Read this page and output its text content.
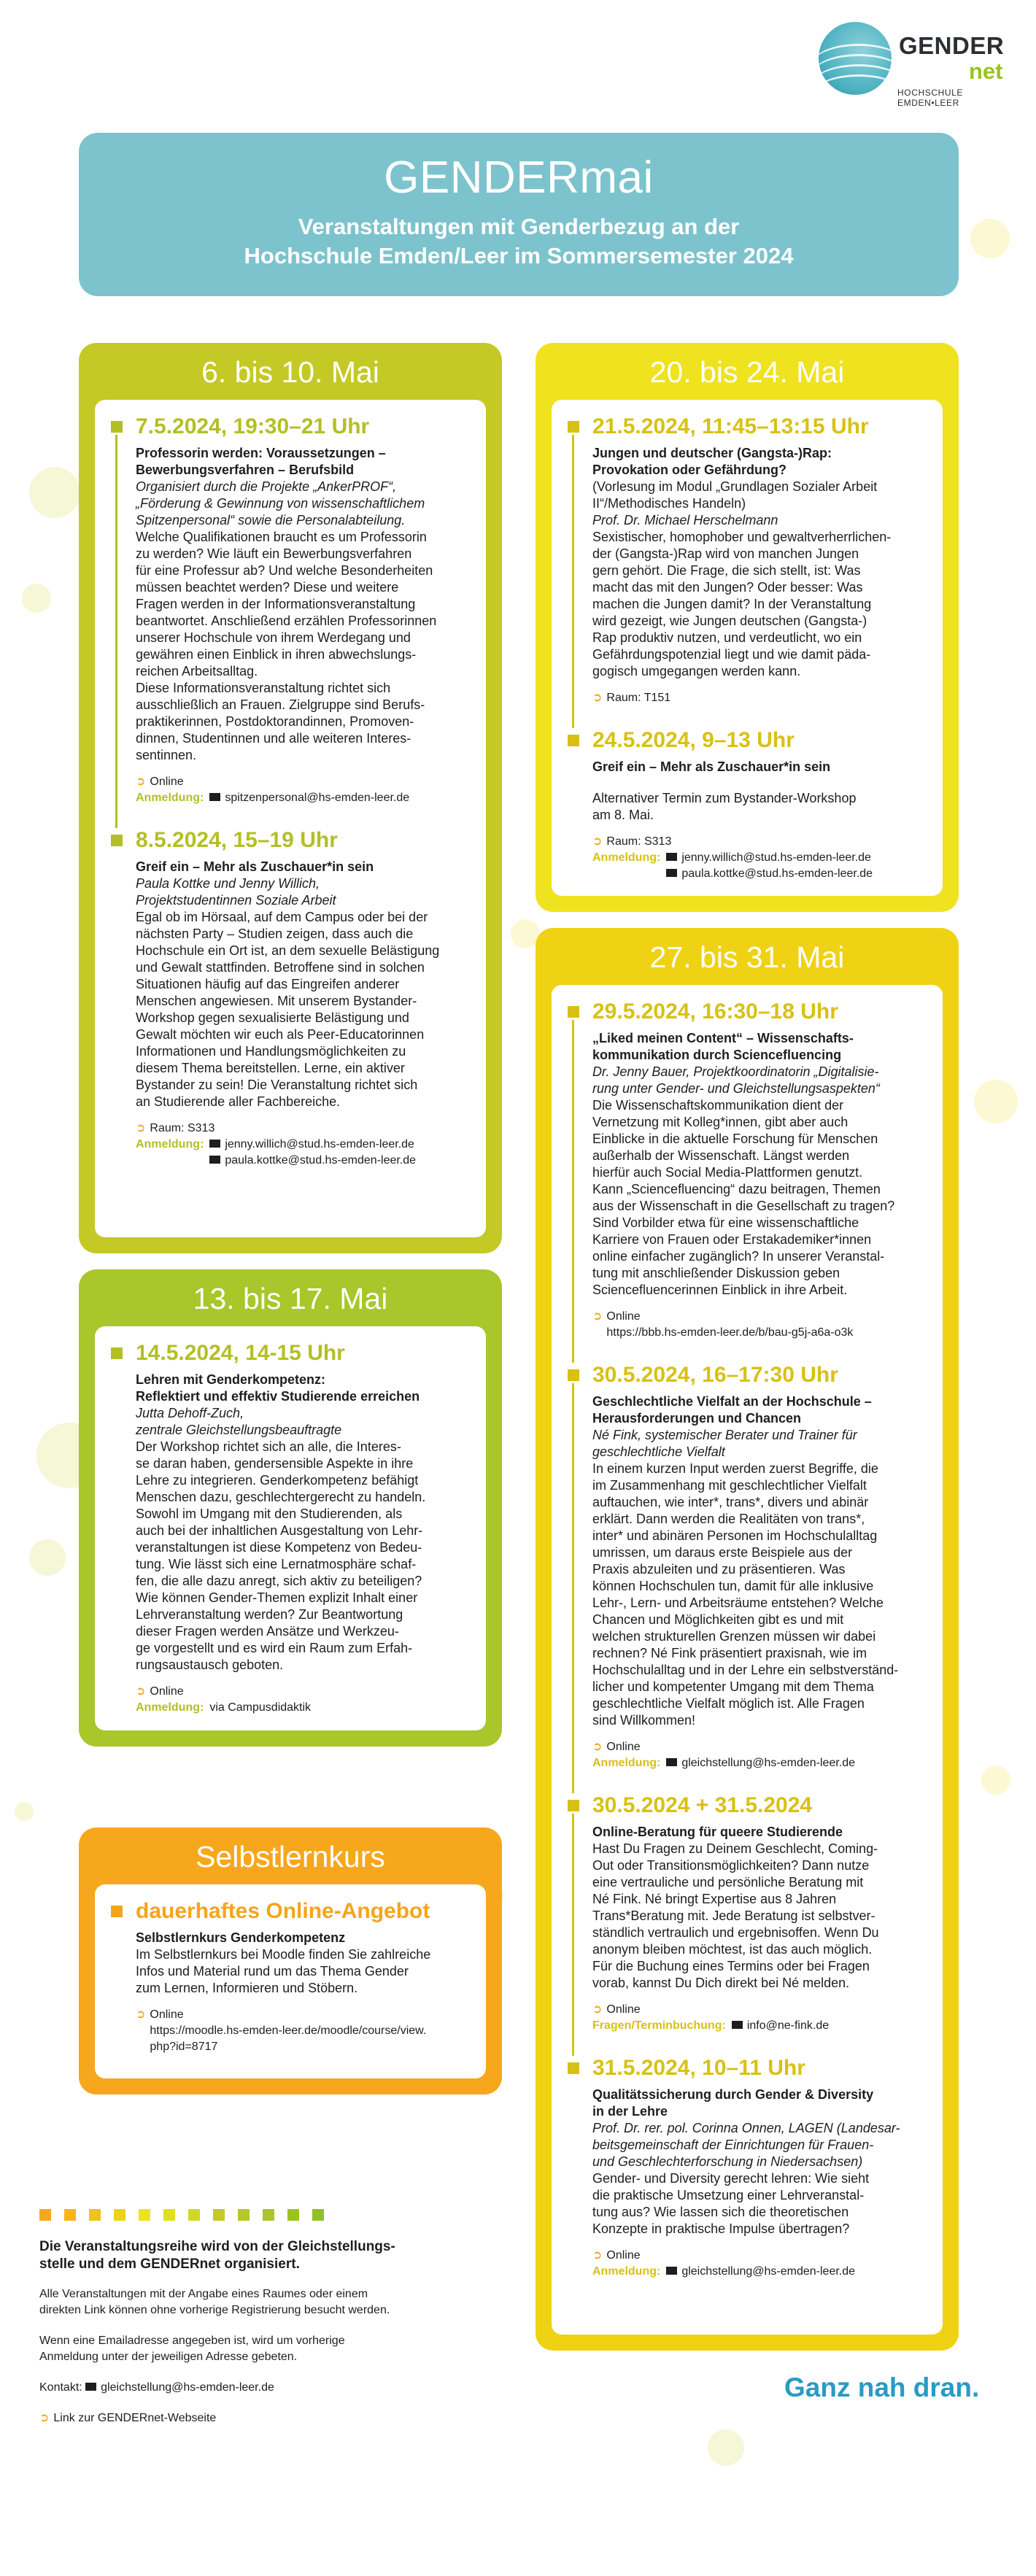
GENDER
net
HOCHSCHULE EMDEN•LEER
GENDERmai
Veranstaltungen mit Genderbezug an der
Hochschule Emden/Leer im Sommersemester 2024
6. bis 10. Mai
7.5.2024, 19:30–21 Uhr
Professorin werden: Voraussetzungen –
Bewerbungsverfahren – Berufsbild
Organisiert durch die Projekte „AnkerPROF“,
„Förderung & Gewinnung von wissenschaftlichem
Spitzenpersonal“ sowie die Personalabteilung.
Welche Qualifikationen braucht es um Professorin
zu werden? Wie läuft ein Bewerbungsverfahren
für eine Professur ab? Und welche Besonderheiten
müssen beachtet werden? Diese und weitere
Fragen werden in der Informationsveranstaltung
beantwortet. Anschließend erzählen Professorinnen
unserer Hochschule von ihrem Werdegang und
gewähren einen Einblick in ihren abwechslungs-
reichen Arbeitsalltag.
Diese Informationsveranstaltung richtet sich
ausschließlich an Frauen. Zielgruppe sind Berufs-
praktikerinnen, Postdoktorandinnen, Promoven-
dinnen, Studentinnen und alle weiteren Interes-
sentinnen.
➲ Online
Anmeldung:	spitzenpersonal@hs-emden-leer.de
8.5.2024, 15–19 Uhr
Greif ein – Mehr als Zuschauer*in sein
Paula Kottke und Jenny Willich,
Projektstudentinnen Soziale Arbeit
Egal ob im Hörsaal, auf dem Campus oder bei der
nächsten Party – Studien zeigen, dass auch die
Hochschule ein Ort ist, an dem sexuelle Belästigung
und Gewalt stattfinden. Betroffene sind in solchen
Situationen häufig auf das Eingreifen anderer
Menschen angewiesen. Mit unserem Bystander-
Workshop gegen sexualisierte Belästigung und
Gewalt möchten wir euch als Peer-Educatorinnen
Informationen und Handlungsmöglichkeiten zu
diesem Thema bereitstellen. Lerne, ein aktiver
Bystander zu sein! Die Veranstaltung richtet sich
an Studierende aller Fachbereiche.
➲ Raum: S313
Anmeldung:	jenny.willich@stud.hs-emden-leer.de
paula.kottke@stud.hs-emden-leer.de
13. bis 17. Mai
14.5.2024, 14-15 Uhr
Lehren mit Genderkompetenz:
Reflektiert und effektiv Studierende erreichen
Jutta Dehoff-Zuch,
zentrale Gleichstellungsbeauftragte
Der Workshop richtet sich an alle, die Interes-
se daran haben, gendersensible Aspekte in ihre
Lehre zu integrieren. Genderkompetenz befähigt
Menschen dazu, geschlechtergerecht zu handeln.
Sowohl im Umgang mit den Studierenden, als
auch bei der inhaltlichen Ausgestaltung von Lehr-
veranstaltungen ist diese Kompetenz von Bedeu-
tung. Wie lässt sich eine Lernatmosphäre schaf-
fen, die alle dazu anregt, sich aktiv zu beteiligen?
Wie können Gender-Themen explizit Inhalt einer
Lehrveranstaltung werden? Zur Beantwortung
dieser Fragen werden Ansätze und Werkzeu-
ge vorgestellt und es wird ein Raum zum Erfah-
rungsaustausch geboten.
➲ Online
Anmeldung: via Campusdidaktik
Selbstlernkurs
dauerhaftes Online-Angebot
Selbstlernkurs Genderkompetenz
Im Selbstlernkurs bei Moodle finden Sie zahlreiche
Infos und Material rund um das Thema Gender
zum Lernen, Informieren und Stöbern.
➲ Online
https://moodle.hs-emden-leer.de/moodle/course/view.
php?id=8717
20. bis 24. Mai
21.5.2024, 11:45–13:15 Uhr
Jungen und deutscher (Gangsta-)Rap:
Provokation oder Gefährdung?
(Vorlesung im Modul „Grundlagen Sozialer Arbeit
II“/Methodisches Handeln)
Prof. Dr. Michael Herschelmann
Sexistischer, homophober und gewaltverherrlichen-
der (Gangsta-)Rap wird von manchen Jungen
gern gehört. Die Frage, die sich stellt, ist: Was
macht das mit den Jungen? Oder besser: Was
machen die Jungen damit? In der Veranstaltung
wird gezeigt, wie Jungen deutschen (Gangsta-)
Rap produktiv nutzen, und verdeutlicht, wo ein
Gefährdungspotenzial liegt und wie damit päda-
gogisch umgegangen werden kann.
➲ Raum: T151
24.5.2024, 9–13 Uhr
Greif ein – Mehr als Zuschauer*in sein
Alternativer Termin zum Bystander-Workshop
am 8. Mai.
➲ Raum: S313
Anmeldung:	jenny.willich@stud.hs-emden-leer.de
paula.kottke@stud.hs-emden-leer.de
27. bis 31. Mai
29.5.2024, 16:30–18 Uhr
„Liked meinen Content“ – Wissenschafts-
kommunikation durch Sciencefluencing
Dr. Jenny Bauer, Projektkoordinatorin „Digitalisie-
rung unter Gender- und Gleichstellungsaspekten“
Die Wissenschaftskommunikation dient der
Vernetzung mit Kolleg*innen, gibt aber auch
Einblicke in die aktuelle Forschung für Menschen
außerhalb der Wissenschaft. Längst werden
hierfür auch Social Media-Plattformen genutzt.
Kann „Sciencefluencing“ dazu beitragen, Themen
aus der Wissenschaft in die Gesellschaft zu tragen?
Sind Vorbilder etwa für eine wissenschaftliche
Karriere von Frauen oder Erstakademiker*innen
online einfacher zugänglich? In unserer Veranstal-
tung mit anschließender Diskussion geben
Sciencefluencerinnen Einblick in ihre Arbeit.
➲ Online
https://bbb.hs-emden-leer.de/b/bau-g5j-a6a-o3k
30.5.2024, 16–17:30 Uhr
Geschlechtliche Vielfalt an der Hochschule –
Herausforderungen und Chancen
Né Fink, systemischer Berater und Trainer für
geschlechtliche Vielfalt
In einem kurzen Input werden zuerst Begriffe, die
im Zusammenhang mit geschlechtlicher Vielfalt
auftauchen, wie inter*, trans*, divers und abinär
erklärt. Dann werden die Realitäten von trans*,
inter* und abinären Personen im Hochschulalltag
umrissen, um daraus erste Beispiele aus der
Praxis abzuleiten und zu präsentieren. Was
können Hochschulen tun, damit für alle inklusive
Lehr-, Lern- und Arbeitsräume entstehen? Welche
Chancen und Möglichkeiten gibt es und mit
welchen strukturellen Grenzen müssen wir dabei
rechnen? Né Fink präsentiert praxisnah, wie im
Hochschulalltag und in der Lehre ein selbstverständ-
licher und kompetenter Umgang mit dem Thema
geschlechtliche Vielfalt möglich ist. Alle Fragen
sind Willkommen!
➲ Online
Anmeldung:	gleichstellung@hs-emden-leer.de
30.5.2024 + 31.5.2024
Online-Beratung für queere Studierende
Hast Du Fragen zu Deinem Geschlecht, Coming-
Out oder Transitionsmöglichkeiten? Dann nutze
eine vertrauliche und persönliche Beratung mit
Né Fink. Né bringt Expertise aus 8 Jahren
Trans*Beratung mit. Jede Beratung ist selbstver-
ständlich vertraulich und ergebnisoffen. Wenn Du
anonym bleiben möchtest, ist das auch möglich.
Für die Buchung eines Termins oder bei Fragen
vorab, kannst Du Dich direkt bei Né melden.
➲ Online
Fragen/Terminbuchung:	info@ne-fink.de
31.5.2024, 10–11 Uhr
Qualitätssicherung durch Gender & Diversity
in der Lehre
Prof. Dr. rer. pol. Corinna Onnen, LAGEN (Landesar-
beitsgemeinschaft der Einrichtungen für Frauen-
und Geschlechterforschung in Niedersachsen)
Gender- und Diversity gerecht lehren: Wie sieht
die praktische Umsetzung einer Lehrveranstal-
tung aus? Wie lassen sich die theoretischen
Konzepte in praktische Impulse übertragen?
➲ Online
Anmeldung:	gleichstellung@hs-emden-leer.de
Die Veranstaltungsreihe wird von der Gleichstellungs-
stelle und dem GENDERnet organisiert.

Alle Veranstaltungen mit der Angabe eines Raumes oder einem
direkten Link können ohne vorherige Registrierung besucht werden.

Wenn eine Emailadresse angegeben ist, wird um vorherige
Anmeldung unter der jeweiligen Adresse gebeten.

Kontakt: gleichstellung@hs-emden-leer.de

➲ Link zur GENDERnet-Webseite

Ganz nah dran.
